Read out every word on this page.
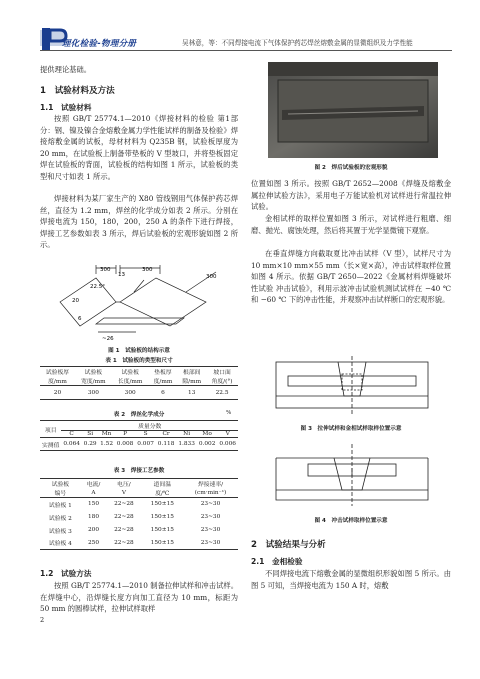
理化检验-物理分册	吴林意，等：不同焊接电流下气体保护药芯焊丝熔敷金属的显微组织及力学性能
提供理论基础。
1　试验材料及方法
1.1　试验材料
按照 GB/T 25774.1—2010《焊接材料的检验 第1部分：钢、镍及镍合金熔敷金属力学性能试样的制备及检验》焊接熔敷金属的试板，母材材料为 Q235B 钢，试验板厚度为 20 mm，在试验板上制备带垫板的 V 型坡口，并将垫板固定焊在试验板的背面，试验板的结构如图 1 所示，试验板的类型和尺寸如表 1 所示。
焊接材料为某厂家生产的 X80 管线钢用气体保护药芯焊丝，直径为 1.2 mm，焊丝的化学成分如表 2 所示。分别在焊接电流为 150，180，200，250 A 的条件下进行焊接，焊接工艺参数如表 3 所示，焊后试验板的宏观形貌如图 2 所示。
300
13
300
22.5°
20
6
~26
300
图 1　试验板的结构示意
表 1　试验板的类型和尺寸
试验板厚	试验板	试验板	垫板厚	根部间	坡口面
度/mm	宽度/mm	长度/mm	度/mm	隙/mm	角度/(°)
20	300	300	6	13	22.5
表 2　焊丝化学成分	%
项目	质量分数								
	C	Si	Mn	P	S	Cr	Ni	Mo	V
实测值	0.064	0.29	1.52	0.008	0.007	0.118	1.833	0.002	0.006
表 3　焊接工艺参数
试验板	电流/	电压/	道间温	焊接速率/
编号	A	V	度/℃	(cm·min⁻¹)
试验板 1	150	22~28	150±15	23~30
试验板 2	180	22~28	150±15	23~30
试验板 3	200	22~28	150±15	23~30
试验板 4	250	22~28	150±15	23~30
1.2　试验方法
按照 GB/T 25774.1—2010 制备拉伸试样和冲击试样。在焊缝中心，沿焊缝长度方向加工直径为 10 mm，标距为 50 mm 的圆棒试样，拉伸试样取样
2
图 2　焊后试验板的宏观形貌
位置如图 3 所示。按照 GB/T 2652—2008《焊缝及熔敷金属拉伸试验方法》，采用电子万能试验机对试样进行常温拉伸试验。
金相试样的取样位置如图 3 所示，对试样进行粗磨、细磨、抛光、腐蚀处理，然后将其置于光学显微镜下观察。
在垂直焊缝方向截取夏比冲击试样（V 型），试样尺寸为 10 mm×10 mm×55 mm（长×宽×高），冲击试样取样位置如图 4 所示。依据 GB/T 2650—2022《金属材料焊缝破坏性试验 冲击试验》，利用示波冲击试验机测试试样在 −40 ℃ 和 −60 ℃ 下的冲击性能，并观察冲击试样断口的宏观形貌。
图 3　拉伸试样和金相试样取样位置示意
图 4　冲击试样取样位置示意
2　试验结果与分析
2.1　金相检验
不同焊接电流下熔敷金属的显微组织形貌如图 5 所示。由图 5 可知，当焊接电流为 150 A 时，熔敷
